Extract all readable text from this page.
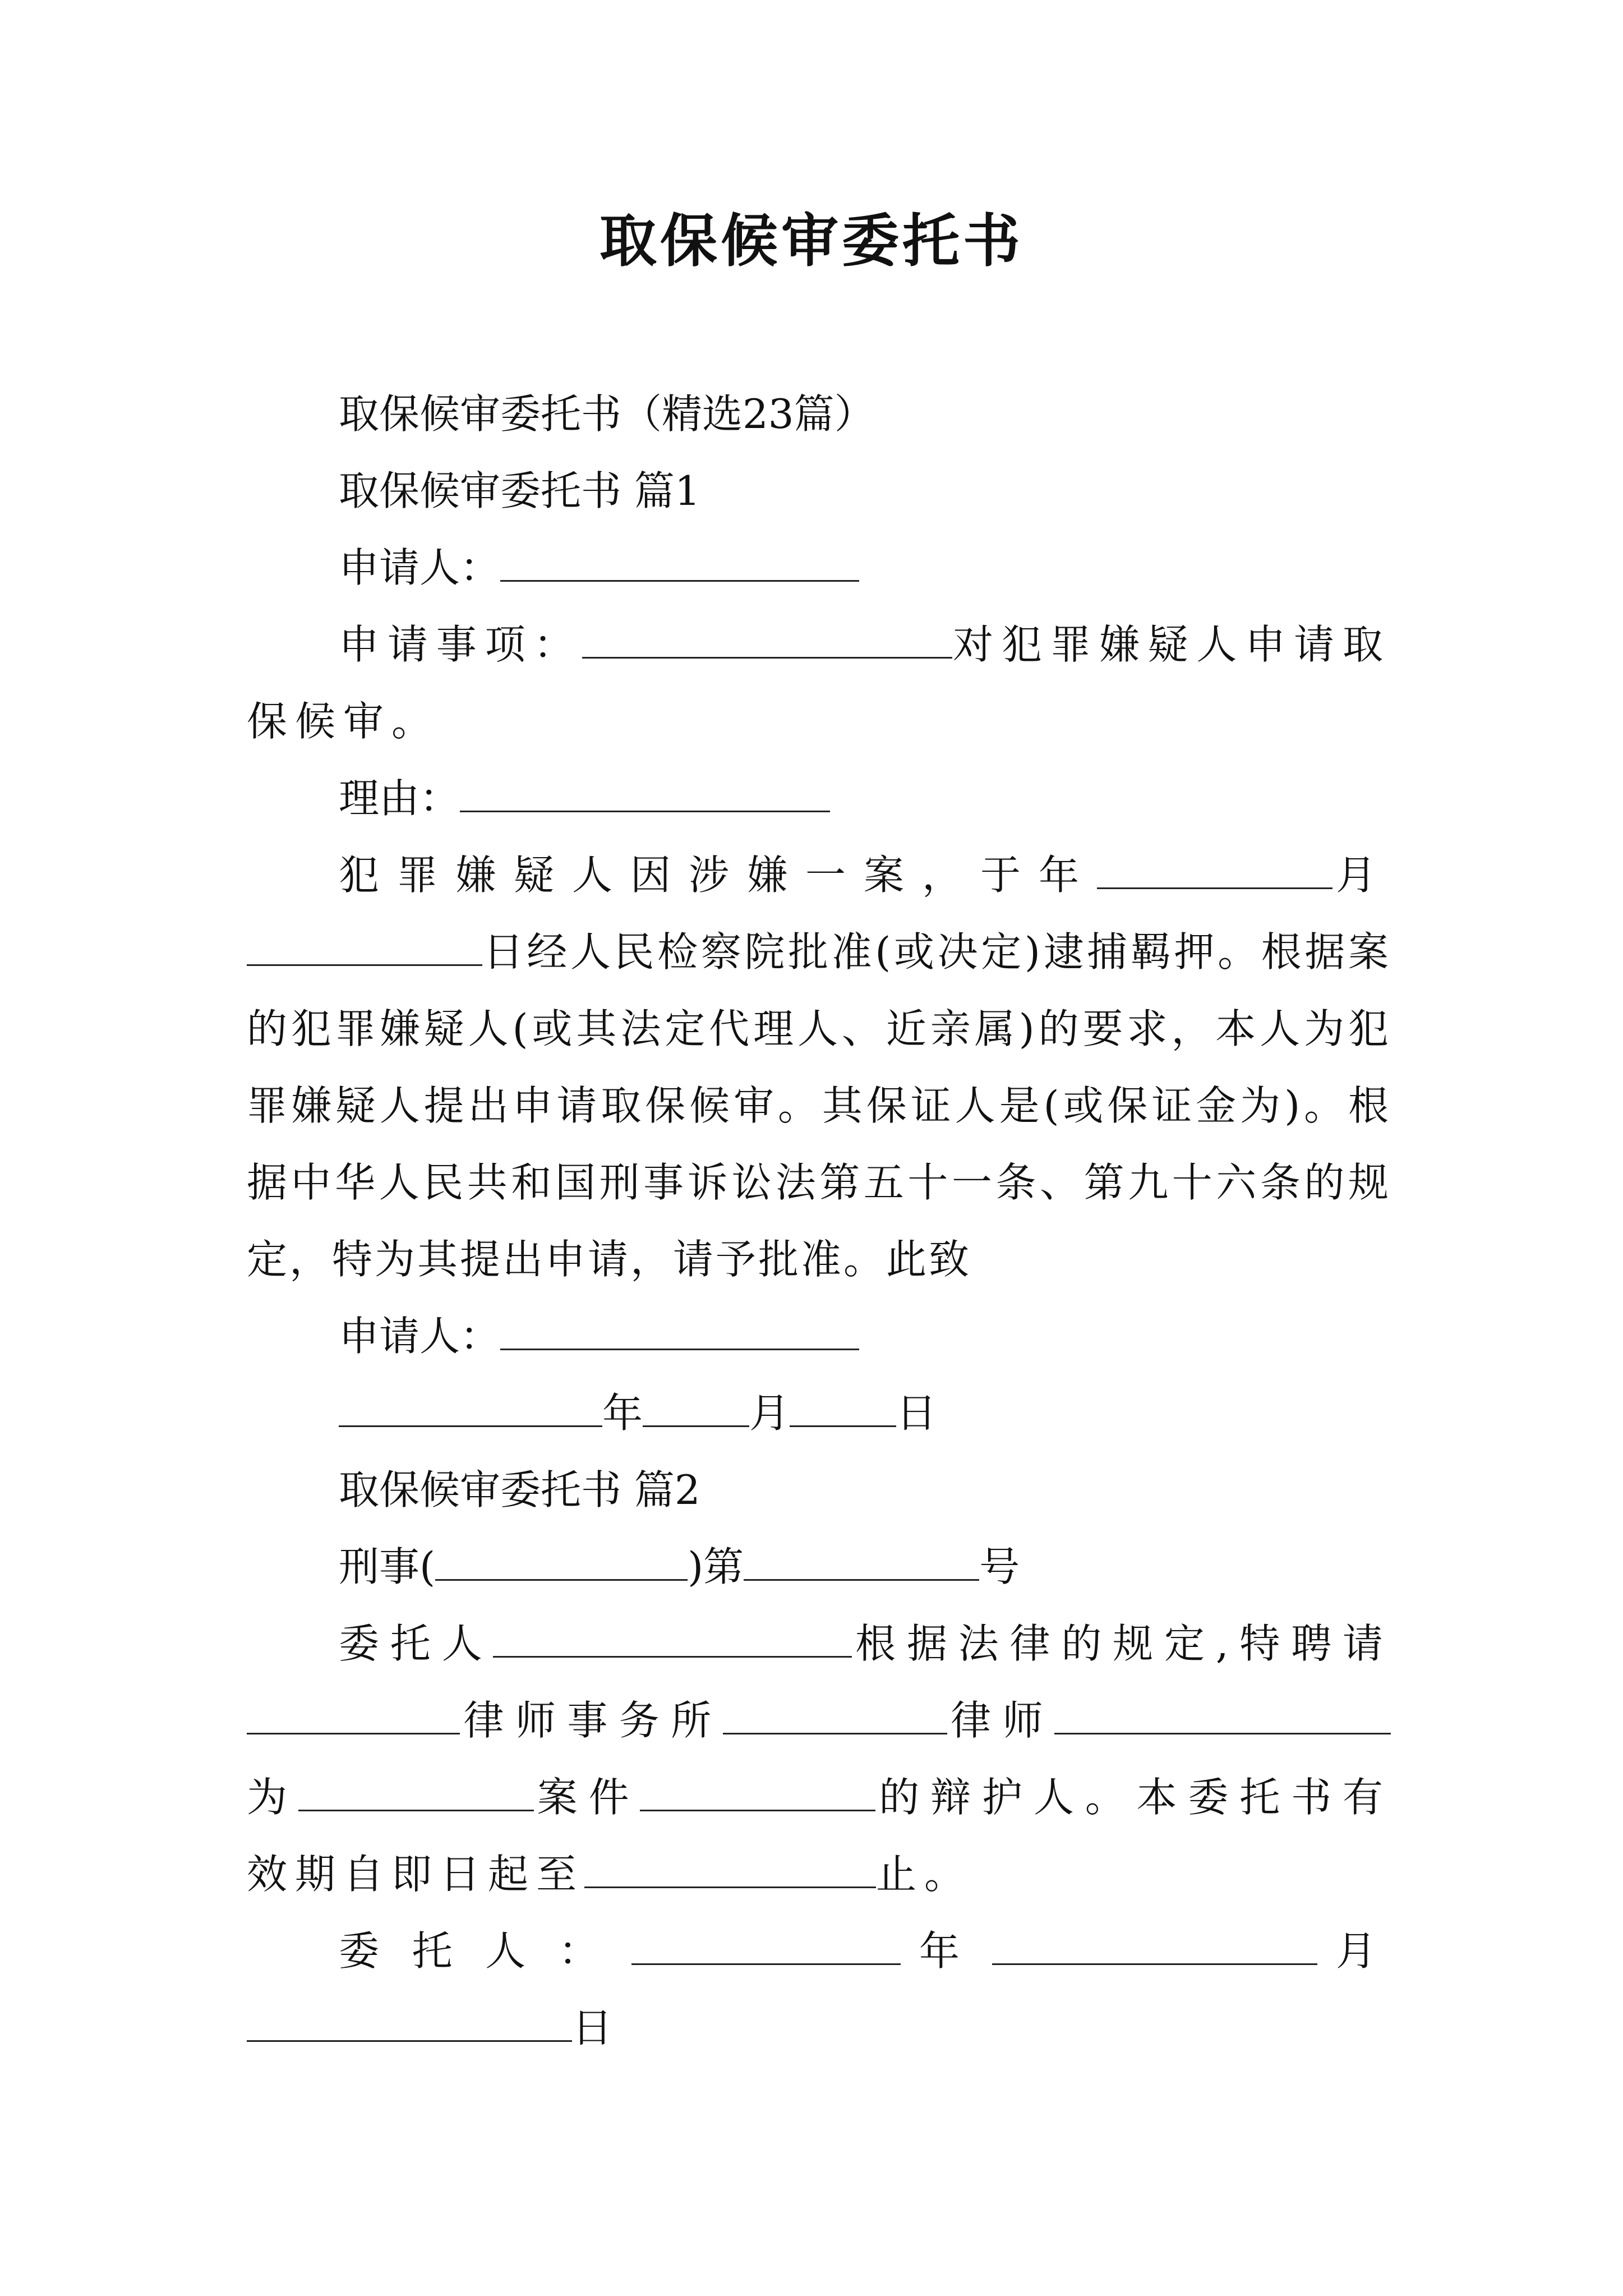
取保候审委托书

取保候审委托书（精选23篇）

取保候审委托书 篇1

申请人：

申请事项：	对犯罪嫌疑人申请取保候审。

理由：

犯罪嫌疑人因涉嫌一案，于年	月日经人民检察院批准(或决定)逮捕羁押。根据案的犯罪嫌疑人(或其法定代理人、近亲属)的要求，本人为犯罪嫌疑人提出申请取保候审。其保证人是(或保证金为)。根据中华人民共和国刑事诉讼法第五十一条、第九十六条的规定，特为其提出申请，请予批准。此致

申请人：

年	月	日

取保候审委托书 篇2

刑事(	)第	号

委托人	根据法律的规定,特聘请律师事务所	律师为	案件	的辩护人。本委托书有效期自即日起至	止。

委托人：	年	月日
